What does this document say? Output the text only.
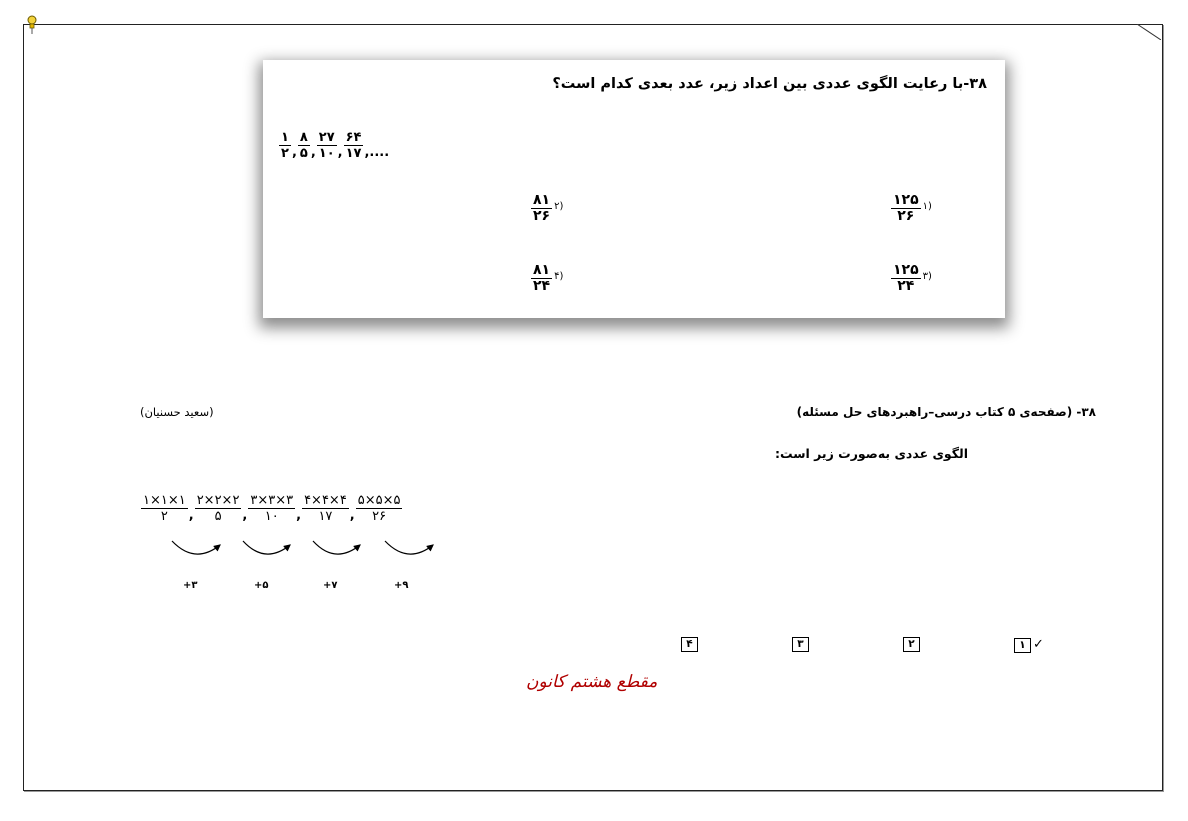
۳۸-با رعایت الگوی عددی بین اعداد زیر، عدد بعدی کدام است؟
$\frac{۱}{۲}$ , $\frac{۸}{۵}$ , $\frac{۲۷}{۱۰}$ , $\frac{۶۴}{۱۷}$ ,....
$\frac{۱۲۵}{۲۶}$ ۱)
$\frac{۸۱}{۲۶}$ ۲)
$\frac{۱۲۵}{۲۴}$ ۳)
$\frac{۸۱}{۲۴}$ ۴)
۳۸- (صفحه‌ی ۵ کتاب درسی–راهبردهای حل مسئله)
(سعید حسنیان)
الگوی عددی به‌صورت زیر است:
$\frac{۱\times ۱\times ۱}{۲}$ , $\frac{۲\times ۲\times ۲}{۵}$ , $\frac{۳\times ۳\times ۳}{۱۰}$ , $\frac{۴\times ۴\times ۴}{۱۷}$ , $\frac{۵\times ۵\times ۵}{۲۶}$
+۳	+۵	+۷	+۹
۱ ✓
۲
۳
۴
مقطع هشتم کانون
